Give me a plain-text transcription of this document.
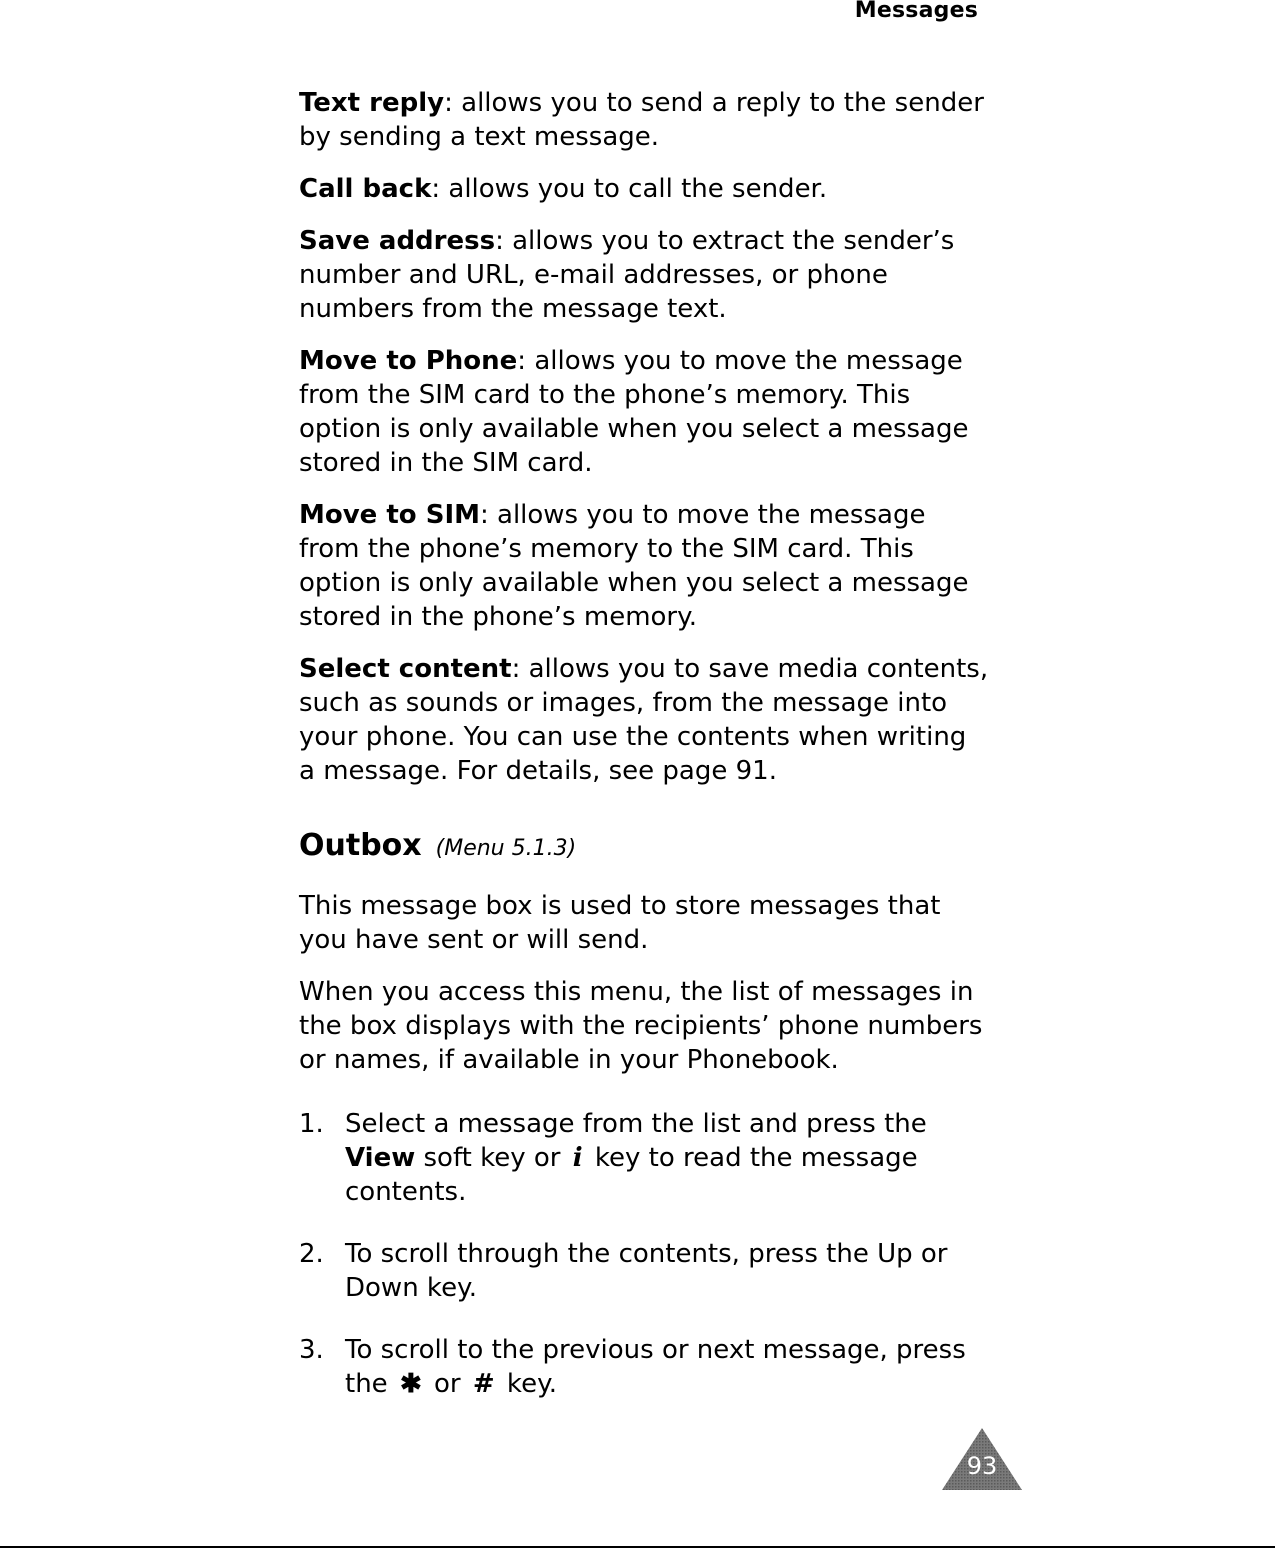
Messages

Text reply: allows you to send a reply to the sender by sending a text message.

Call back: allows you to call the sender.

Save address: allows you to extract the sender’s number and URL, e-mail addresses, or phone numbers from the message text.

Move to Phone: allows you to move the message from the SIM card to the phone’s memory. This option is only available when you select a message stored in the SIM card.

Move to SIM: allows you to move the message from the phone’s memory to the SIM card. This option is only available when you select a message stored in the phone’s memory.

Select content: allows you to save media contents, such as sounds or images, from the message into your phone. You can use the contents when writing a message. For details, see page 91.

Outbox (Menu 5.1.3)

This message box is used to store messages that you have sent or will send.

When you access this menu, the list of messages in the box displays with the recipients’ phone numbers or names, if available in your Phonebook.

1. Select a message from the list and press the View soft key or i key to read the message contents.
2. To scroll through the contents, press the Up or Down key.
3. To scroll to the previous or next message, press the ✱ or # key.
93
